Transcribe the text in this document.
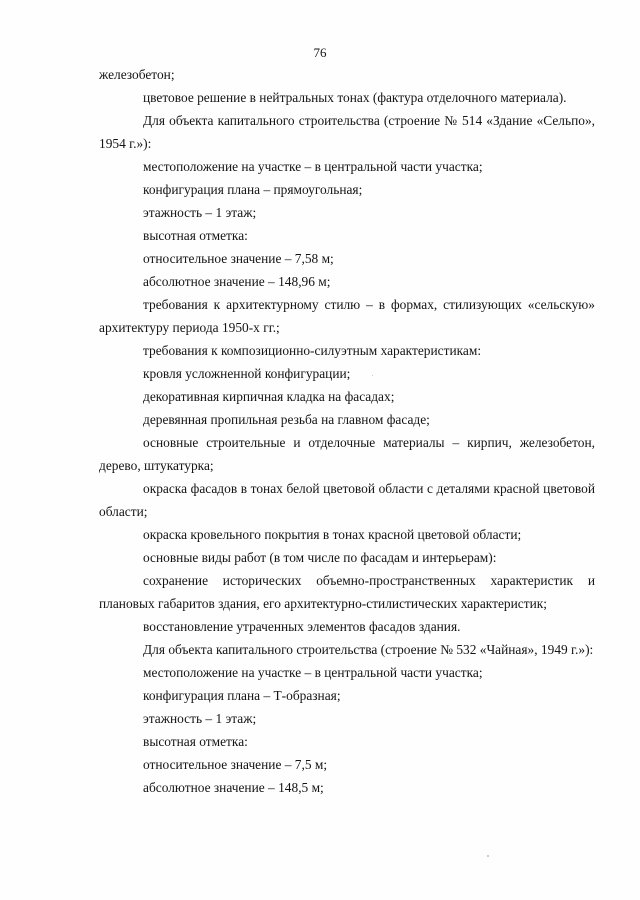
76

железобетон;

цветовое решение в нейтральных тонах (фактура отделочного материала).

Для объекта капитального строительства (строение № 514 «Здание «Сельпо», 1954 г.»):

местоположение на участке – в центральной части участка;

конфигурация плана – прямоугольная;

этажность – 1 этаж;

высотная отметка:

относительное значение – 7,58 м;

абсолютное значение – 148,96 м;

требования к архитектурному стилю – в формах, стилизующих «сельскую» архитектуру периода 1950-х гг.;

требования к композиционно-силуэтным характеристикам:

кровля усложненной конфигурации;

декоративная кирпичная кладка на фасадах;

деревянная пропильная резьба на главном фасаде;

основные строительные и отделочные материалы – кирпич, железобетон, дерево, штукатурка;

окраска фасадов в тонах белой цветовой области с деталями красной цветовой области;

окраска кровельного покрытия в тонах красной цветовой области;

основные виды работ (в том числе по фасадам и интерьерам):

сохранение исторических объемно-пространственных характеристик и плановых габаритов здания, его архитектурно-стилистических характеристик;

восстановление утраченных элементов фасадов здания.

Для объекта капитального строительства (строение № 532 «Чайная», 1949 г.»):

местоположение на участке – в центральной части участка;

конфигурация плана – Т-образная;

этажность – 1 этаж;

высотная отметка:

относительное значение – 7,5 м;

абсолютное значение – 148,5 м;
